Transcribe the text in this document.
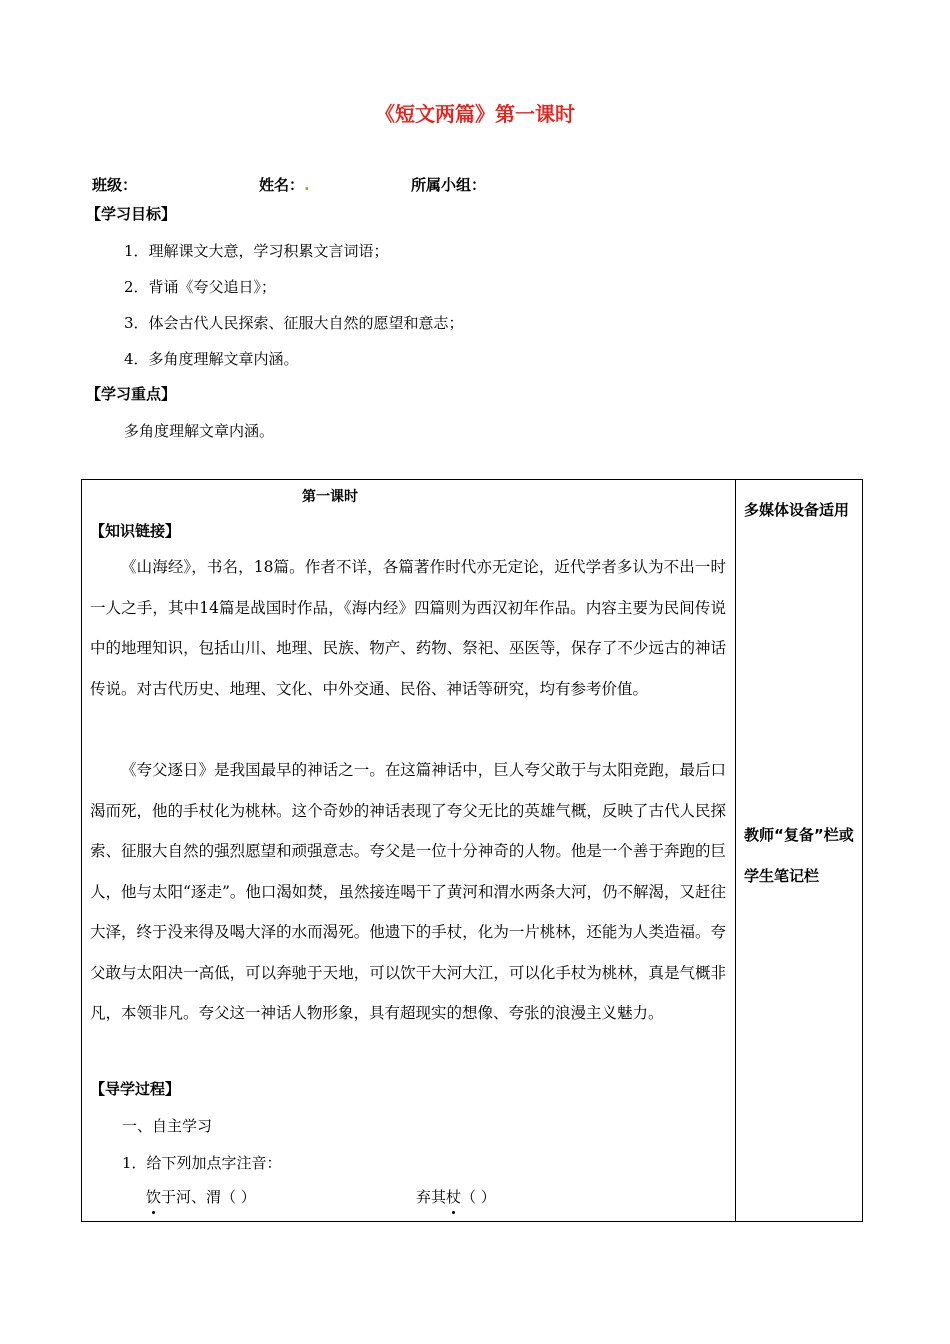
《短文两篇》第一课时
班级：	姓名：.	所属小组：
【学习目标】
1．理解课文大意，学习积累文言词语；
2．背诵《夸父追日》；
3．体会古代人民探索、征服大自然的愿望和意志；
4．多角度理解文章内涵。
【学习重点】
多角度理解文章内涵。
第一课时
【知识链接】

《山海经》，书名，18篇。作者不详，各篇著作时代亦无定论，近代学者多认为不出一时一人之手，其中14篇是战国时作品，《海内经》四篇则为西汉初年作品。内容主要为民间传说中的地理知识，包括山川、地理、民族、物产、药物、祭祀、巫医等，保存了不少远古的神话传说。对古代历史、地理、文化、中外交通、民俗、神话等研究，均有参考价值。

《夸父逐日》是我国最早的神话之一。在这篇神话中，巨人夸父敢于与太阳竞跑，最后口渴而死，他的手杖化为桃林。这个奇妙的神话表现了夸父无比的英雄气概，反映了古代人民探索、征服大自然的强烈愿望和顽强意志。夸父是一位十分神奇的人物。他是一个善于奔跑的巨人，他与太阳“逐走”。他口渴如焚，虽然接连喝干了黄河和渭水两条大河，仍不解渴，又赶往大泽，终于没来得及喝大泽的水而渴死。他遗下的手杖，化为一片桃林，还能为人类造福。夸父敢与太阳决一高低，可以奔驰于天地，可以饮干大河大江，可以化手杖为桃林，真是气概非凡，本领非凡。夸父这一神话人物形象，具有超现实的想像、夸张的浪漫主义魅力。

【导学过程】
一、自主学习
1．给下列加点字注音：
饮于河、渭（ ）	弃其杖（ ）

多媒体设备适用
教师“复备”栏或学生笔记栏
